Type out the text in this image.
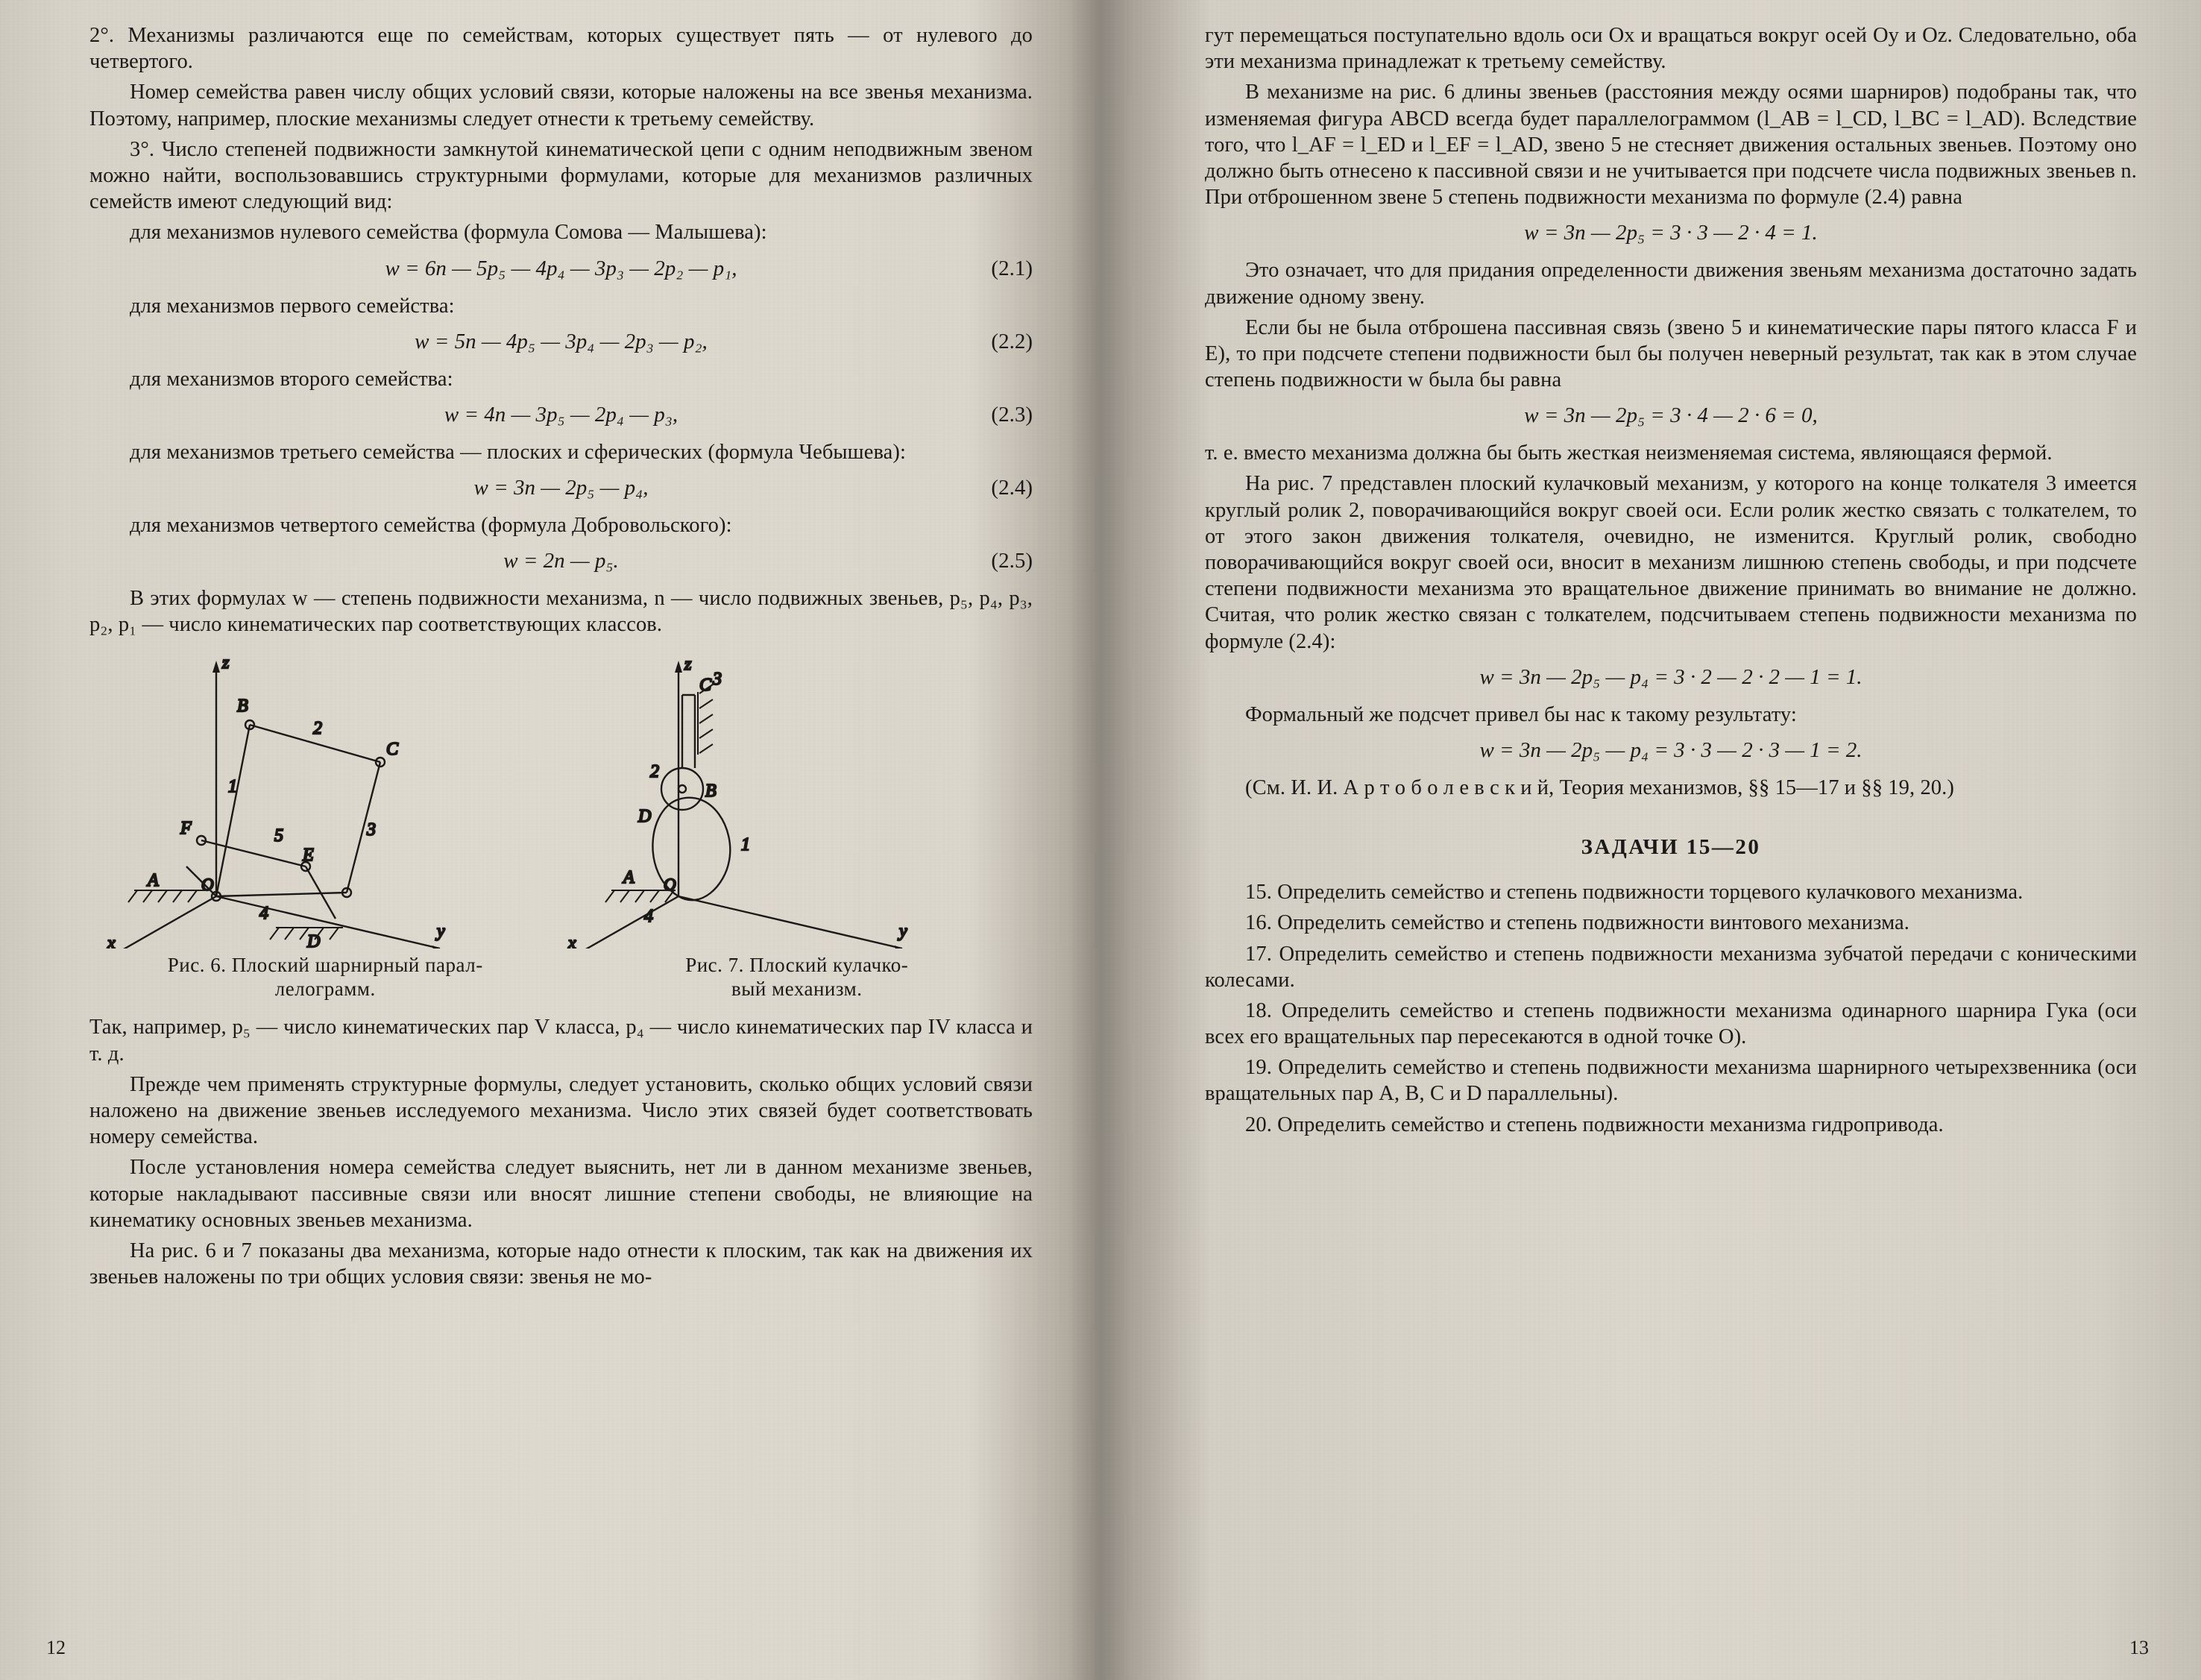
2°. Механизмы различаются еще по семействам, которых существует пять — от нулевого до четвертого.

Номер семейства равен числу общих условий связи, которые наложены на все звенья механизма. Поэтому, например, плоские механизмы следует отнести к третьему семейству.

3°. Число степеней подвижности замкнутой кинематической цепи с одним неподвижным звеном можно найти, воспользовавшись структурными формулами, которые для механизмов различных семейств имеют следующий вид:

для механизмов нулевого семейства (формула Сомова — Малышева):

w = 6n — 5p₅ — 4p₄ — 3p₃ — 2p₂ — p₁,	(2.1)

для механизмов первого семейства:

w = 5n — 4p₅ — 3p₄ — 2p₃ — p₂,	(2.2)

для механизмов второго семейства:

w = 4n — 3p₅ — 2p₄ — p₃,	(2.3)

для механизмов третьего семейства — плоских и сферических (формула Чебышева):

w = 3n — 2p₅ — p₄,	(2.4)

для механизмов четвертого семейства (формула Добровольского):

w = 2n — p₅.	(2.5)

В этих формулах w — степень подвижности механизма, n — число подвижных звеньев, p₅, p₄, p₃, p₂, p₁ — число кинематических пар соответствующих классов.

z
x
y
O
B
F
A
C
E
D
2
1
5	3
4
z
x
y
O
3
C
2
B
D
A
1
4
Рис. 6. Плоский шарнирный парал-
лелограмм.
Рис. 7. Плоский кулачко-
вый механизм.

Так, например, p₅ — число кинематических пар V класса, p₄ — число кинематических пар IV класса и т. д.

Прежде чем применять структурные формулы, следует установить, сколько общих условий связи наложено на движение звеньев исследуемого механизма. Число этих связей будет соответствовать номеру семейства.

После установления номера семейства следует выяснить, нет ли в данном механизме звеньев, которые накладывают пассивные связи или вносят лишние степени свободы, не влияющие на кинематику основных звеньев механизма.

На рис. 6 и 7 показаны два механизма, которые надо отнести к плоским, так как на движения их звеньев наложены по три общих условия связи: звенья не мо-

12

гут перемещаться поступательно вдоль оси Ox и вращаться вокруг осей Oy и Oz. Следовательно, оба эти механизма принадлежат к третьему семейству.

В механизме на рис. 6 длины звеньев (расстояния между осями шарниров) подобраны так, что изменяемая фигура ABCD всегда будет параллелограммом (l_AB = l_CD, l_BC = l_AD). Вследствие того, что l_AF = l_ED и l_EF = l_AD, звено 5 не стесняет движения остальных звеньев. Поэтому оно должно быть отнесено к пассивной связи и не учитывается при подсчете числа подвижных звеньев n. При отброшенном звене 5 степень подвижности механизма по формуле (2.4) равна

w = 3n — 2p₅ = 3 · 3 — 2 · 4 = 1.

Это означает, что для придания определенности движения звеньям механизма достаточно задать движение одному звену.

Если бы не была отброшена пассивная связь (звено 5 и кинематические пары пятого класса F и E), то при подсчете степени подвижности был бы получен неверный результат, так как в этом случае степень подвижности w была бы равна

w = 3n — 2p₅ = 3 · 4 — 2 · 6 = 0,

т. е. вместо механизма должна бы быть жесткая неизменяемая система, являющаяся фермой.

На рис. 7 представлен плоский кулачковый механизм, у которого на конце толкателя 3 имеется круглый ролик 2, поворачивающийся вокруг своей оси. Если ролик жестко связать с толкателем, то от этого закон движения толкателя, очевидно, не изменится. Круглый ролик, свободно поворачивающийся вокруг своей оси, вносит в механизм лишнюю степень свободы, и при подсчете степени подвижности механизма это вращательное движение принимать во внимание не должно. Считая, что ролик жестко связан с толкателем, подсчитываем степень подвижности механизма по формуле (2.4):

w = 3n — 2p₅ — p₄ = 3 · 2 — 2 · 2 — 1 = 1.

Формальный же подсчет привел бы нас к такому результату:

w = 3n — 2p₅ — p₄ = 3 · 3 — 2 · 3 — 1 = 2.

(См. И. И. А р т о б о л е в с к и й, Теория механизмов, §§ 15—17 и §§ 19, 20.)

ЗАДАЧИ 15—20

15. Определить семейство и степень подвижности торцевого кулачкового механизма.

16. Определить семейство и степень подвижности винтового механизма.

17. Определить семейство и степень подвижности механизма зубчатой передачи с коническими колесами.

18. Определить семейство и степень подвижности механизма одинарного шарнира Гука (оси всех его вращательных пар пересекаются в одной точке O).

19. Определить семейство и степень подвижности механизма шарнирного четырехзвенника (оси вращательных пар A, B, C и D параллельны).

20. Определить семейство и степень подвижности механизма гидропривода.

13
